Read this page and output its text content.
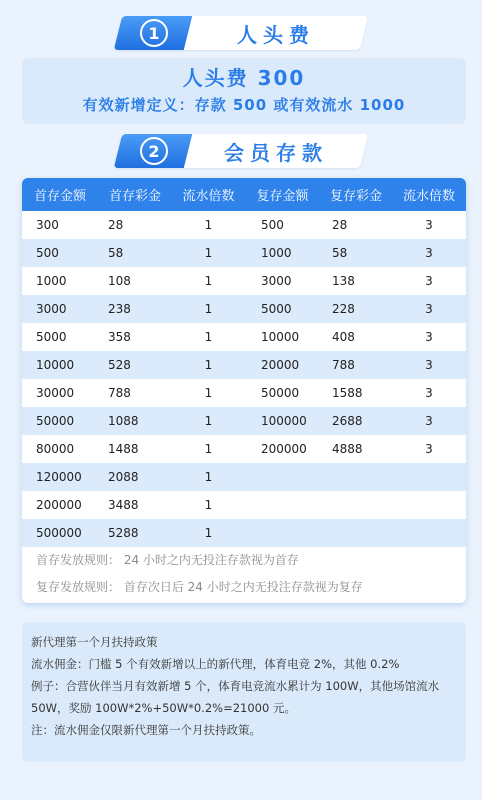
1	人头费
人头费 300
有效新增定义：存款 500 或有效流水 1000
2	会员存款
首存金额	首存彩金	流水倍数	复存金额	复存彩金	流水倍数
300	28	1	500	28	3
500	58	1	1000	58	3
1000	108	1	3000	138	3
3000	238	1	5000	228	3
5000	358	1	10000	408	3
10000	528	1	20000	788	3
30000	788	1	50000	1588	3
50000	1088	1	100000	2688	3
80000	1488	1	200000	4888	3
120000	2088	1			
200000	3488	1			
500000	5288	1			
首存发放规则： 24 小时之内无投注存款视为首存
复存发放规则： 首存次日后 24 小时之内无投注存款视为复存
新代理第一个月扶持政策
流水佣金：门槛 5 个有效新增以上的新代理，体育电竞 2%，其他 0.2%
例子：合营伙伴当月有效新增 5 个，体育电竞流水累计为 100W，其他场馆流水 50W，奖励 100W*2%+50W*0.2%=21000 元。
注：流水佣金仅限新代理第一个月扶持政策。
